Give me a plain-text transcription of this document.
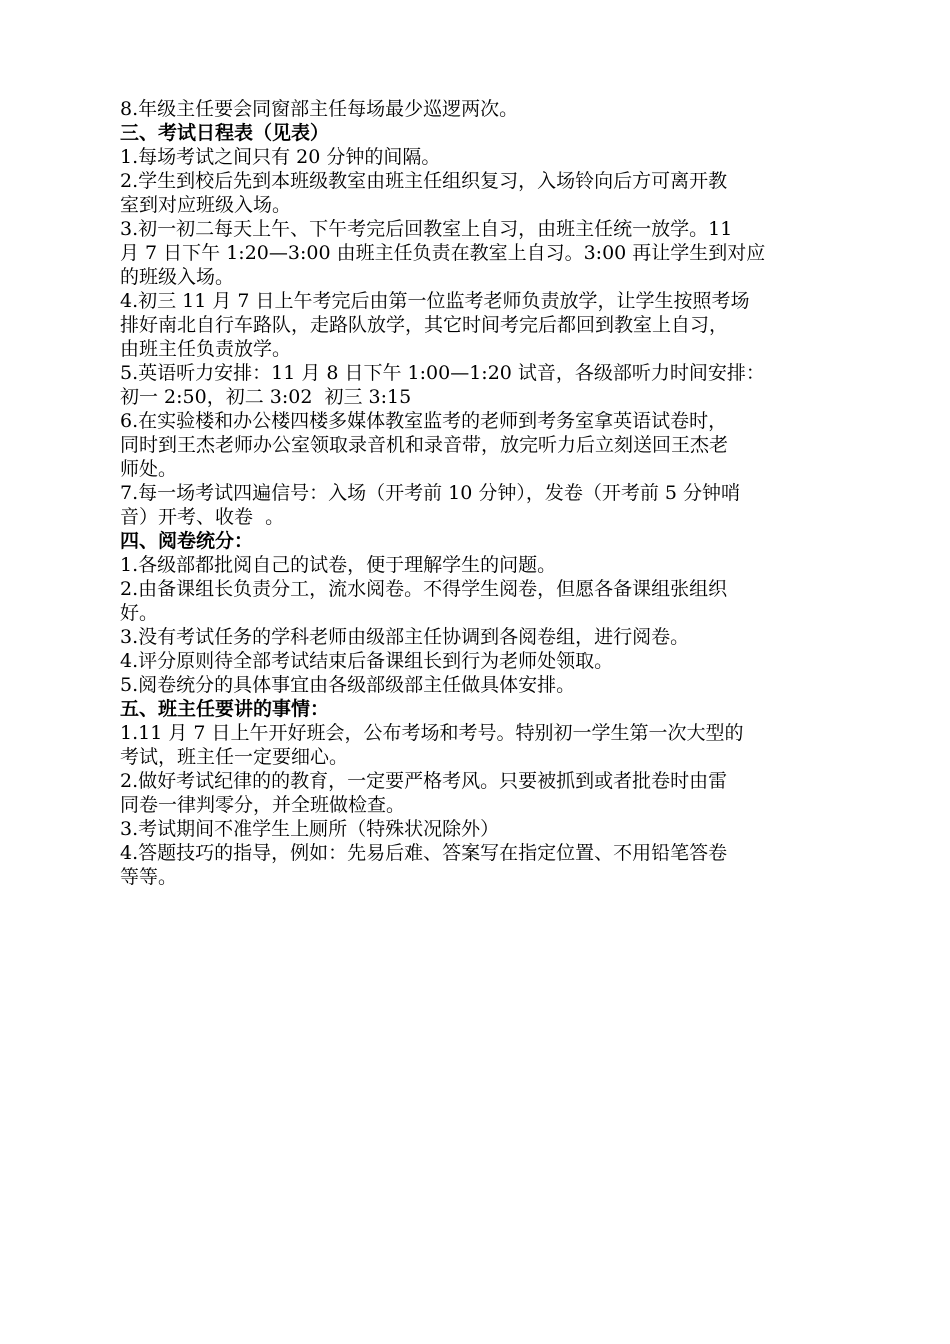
8.年级主任要会同窗部主任每场最少巡逻两次。

三、考试日程表（见表）

1.每场考试之间只有 20 分钟的间隔。

2.学生到校后先到本班级教室由班主任组织复习，入场铃向后方可离开教

室到对应班级入场。

3.初一初二每天上午、下午考完后回教室上自习，由班主任统一放学。11

月 7 日下午 1:20—3:00 由班主任负责在教室上自习。3:00 再让学生到对应

的班级入场。

4.初三 11 月 7 日上午考完后由第一位监考老师负责放学，让学生按照考场

排好南北自行车路队，走路队放学，其它时间考完后都回到教室上自习，

由班主任负责放学。

5.英语听力安排：11 月 8 日下午 1:00—1:20 试音，各级部听力时间安排：

初一 2:50，初二 3:02  初三 3:15

6.在实验楼和办公楼四楼多媒体教室监考的老师到考务室拿英语试卷时，

同时到王杰老师办公室领取录音机和录音带，放完听力后立刻送回王杰老

师处。

7.每一场考试四遍信号：入场（开考前 10 分钟），发卷（开考前 5 分钟哨

音）开考、收卷  。

四、阅卷统分：

1.各级部都批阅自己的试卷，便于理解学生的问题。

2.由备课组长负责分工，流水阅卷。不得学生阅卷，但愿各备课组张组织

好。

3.没有考试任务的学科老师由级部主任协调到各阅卷组，进行阅卷。

4.评分原则待全部考试结束后备课组长到行为老师处领取。

5.阅卷统分的具体事宜由各级部级部主任做具体安排。

五、班主任要讲的事情：

1.11 月 7 日上午开好班会，公布考场和考号。特别初一学生第一次大型的

考试，班主任一定要细心。

2.做好考试纪律的的教育，一定要严格考风。只要被抓到或者批卷时由雷

同卷一律判零分，并全班做检查。

3.考试期间不准学生上厕所（特殊状况除外）

4.答题技巧的指导，例如：先易后难、答案写在指定位置、不用铅笔答卷

等等。
